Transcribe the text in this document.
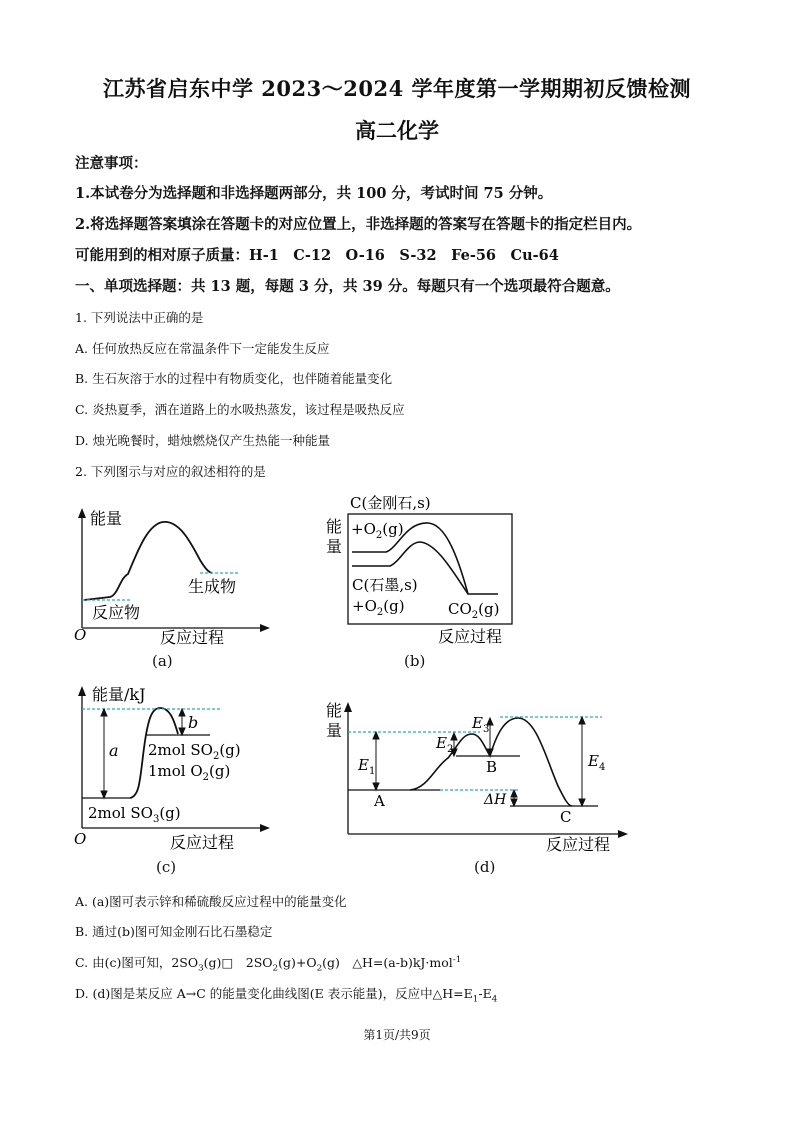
江苏省启东中学 2023～2024 学年度第一学期期初反馈检测
高二化学
注意事项：
1.本试卷分为选择题和非选择题两部分，共 100 分，考试时间 75 分钟。
2.将选择题答案填涂在答题卡的对应位置上，非选择题的答案写在答题卡的指定栏目内。
可能用到的相对原子质量：H-1　C-12　O-16　S-32　Fe-56　Cu-64
一、单项选择题：共 13 题，每题 3 分，共 39 分。每题只有一个选项最符合题意。
1. 下列说法中正确的是
A. 任何放热反应在常温条件下一定能发生反应
B. 生石灰溶于水的过程中有物质变化，也伴随着能量变化
C. 炎热夏季，洒在道路上的水吸热蒸发，该过程是吸热反应
D. 烛光晚餐时，蜡烛燃烧仅产生热能一种能量
2. 下列图示与对应的叙述相符的是
能量
生成物
反应物
O	反应过程
(a)
C(金刚石,s)
$+O_2(g)$
能
量
C(石墨,s)
$+O_2(g)$	$CO_2(g)$
反应过程
(b)
能量/kJ
a
b
2mol $SO_2(g)$
1mol $O_2(g)$
2mol $SO_3(g)$
O	反应过程
(c)
能
量
$E_1$
$E_2$
$E_3$
$E_4$
ΔH
A
B
C
反应过程
(d)
A. (a)图可表示锌和稀硫酸反应过程中的能量变化
B. 通过(b)图可知金刚石比石墨稳定
C. 由(c)图可知，$2SO_3(g)□$　$2SO_2(g)+O_2(g)$　△H=(a-b)kJ·mol$^{-1}$
D. (d)图是某反应 A→C 的能量变化曲线图(E 表示能量)，反应中$\triangle H=E_1-E_4$
第1页/共9页
